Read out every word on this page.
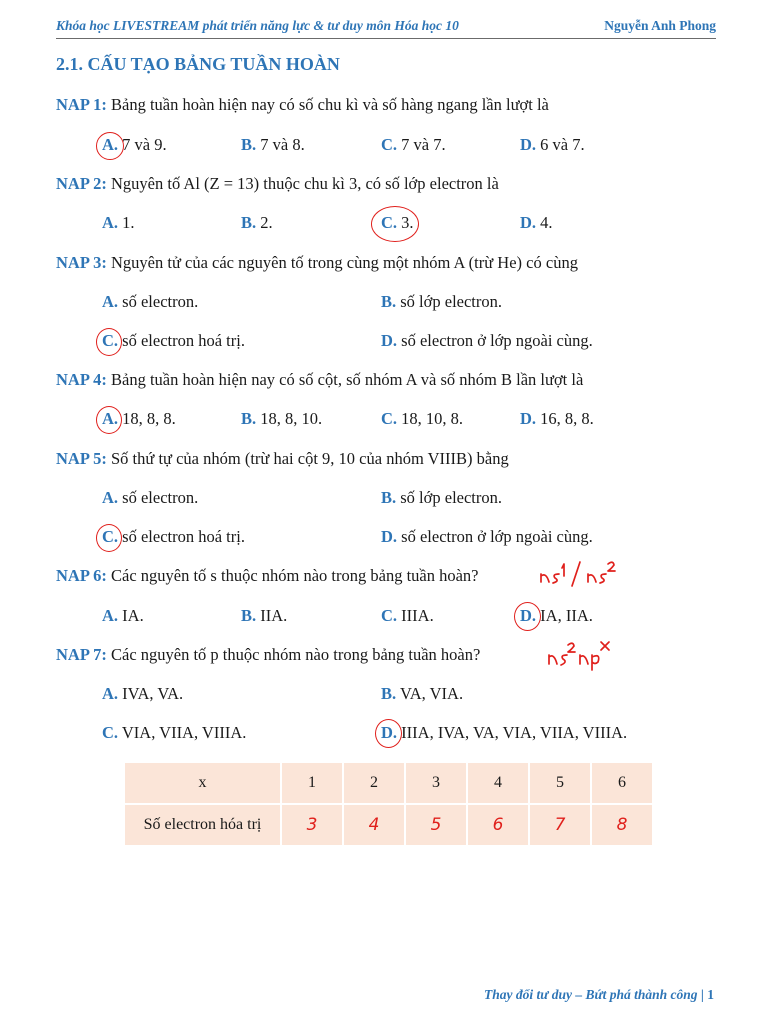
Khóa học LIVESTREAM phát triển năng lực & tư duy môn Hóa học 10	Nguyễn Anh Phong
2.1. CẤU TẠO BẢNG TUẦN HOÀN
NAP 1: Bảng tuần hoàn hiện nay có số chu kì và số hàng ngang lần lượt là
A. 7 và 9.	B. 7 và 8.	C. 7 và 7.	D. 6 và 7.
NAP 2: Nguyên tố Al (Z = 13) thuộc chu kì 3, có số lớp electron là
A. 1.	B. 2.	C. 3.	D. 4.
NAP 3: Nguyên tử của các nguyên tố trong cùng một nhóm A (trừ He) có cùng
A. số electron.	B. số lớp electron.
C. số electron hoá trị.	D. số electron ở lớp ngoài cùng.
NAP 4: Bảng tuần hoàn hiện nay có số cột, số nhóm A và số nhóm B lần lượt là
A. 18, 8, 8.	B. 18, 8, 10.	C. 18, 10, 8.	D. 16, 8, 8.
NAP 5: Số thứ tự của nhóm (trừ hai cột 9, 10 của nhóm VIIIB) bằng
A. số electron.	B. số lớp electron.
C. số electron hoá trị.	D. số electron ở lớp ngoài cùng.
NAP 6: Các nguyên tố s thuộc nhóm nào trong bảng tuần hoàn?
A. IA.	B. IIA.	C. IIIA.	D. IA, IIA.
NAP 7: Các nguyên tố p thuộc nhóm nào trong bảng tuần hoàn?
A. IVA, VA.	B. VA, VIA.
C. VIA, VIIA, VIIIA.	D. IIIA, IVA, VA, VIA, VIIA, VIIIA.
x	1	2	3	4	5	6
Số electron hóa trị	3	4	5	6	7	8
Thay đổi tư duy – Bứt phá thành công | 1
